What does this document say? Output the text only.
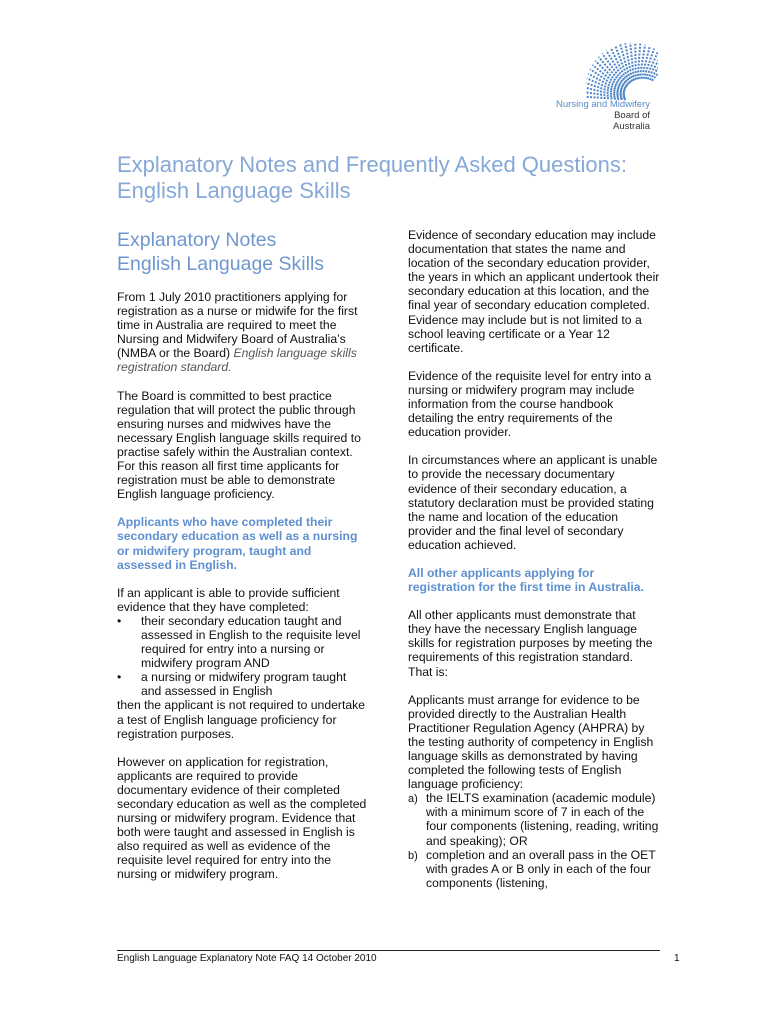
Nursing and Midwifery
Board of
Australia
Explanatory Notes and Frequently Asked Questions:
English Language Skills
Explanatory Notes
English Language Skills

From 1 July 2010 practitioners applying for registration as a nurse or midwife for the first time in Australia are required to meet the Nursing and Midwifery Board of Australia’s (NMBA or the Board) English language skills registration standard.

The Board is committed to best practice regulation that will protect the public through ensuring nurses and midwives have the necessary English language skills required to practise safely within the Australian context. For this reason all first time applicants for registration must be able to demonstrate English language proficiency.

Applicants who have completed their secondary education as well as a nursing or midwifery program, taught and assessed in English.
If an applicant is able to provide sufficient evidence that they have completed:
• their secondary education taught and assessed in English to the requisite level required for entry into a nursing or midwifery program AND
• a nursing or midwifery program taught and assessed in English

then the applicant is not required to undertake a test of English language proficiency for registration purposes.

However on application for registration, applicants are required to provide documentary evidence of their completed secondary education as well as the completed nursing or midwifery program. Evidence that both were taught and assessed in English is also required as well as evidence of the requisite level required for entry into the nursing or midwifery program.

Evidence of secondary education may include documentation that states the name and location of the secondary education provider, the years in which an applicant undertook their secondary education at this location, and the final year of secondary education completed. Evidence may include but is not limited to a school leaving certificate or a Year 12 certificate.

Evidence of the requisite level for entry into a nursing or midwifery program may include information from the course handbook detailing the entry requirements of the education provider.

In circumstances where an applicant is unable to provide the necessary documentary evidence of their secondary education, a statutory declaration must be provided stating the name and location of the education provider and the final level of secondary education achieved.

All other applicants applying for registration for the first time in Australia.

All other applicants must demonstrate that they have the necessary English language skills for registration purposes by meeting the requirements of this registration standard. That is:

Applicants must arrange for evidence to be provided directly to the Australian Health Practitioner Regulation Agency (AHPRA) by the testing authority of competency in English language skills as demonstrated by having completed the following tests of English language proficiency:
a) the IELTS examination (academic module) with a minimum score of 7 in each of the four components (listening, reading, writing and speaking); OR
b) completion and an overall pass in the OET with grades A or B only in each of the four components (listening,
English Language Explanatory Note FAQ 14 October 2010	1
